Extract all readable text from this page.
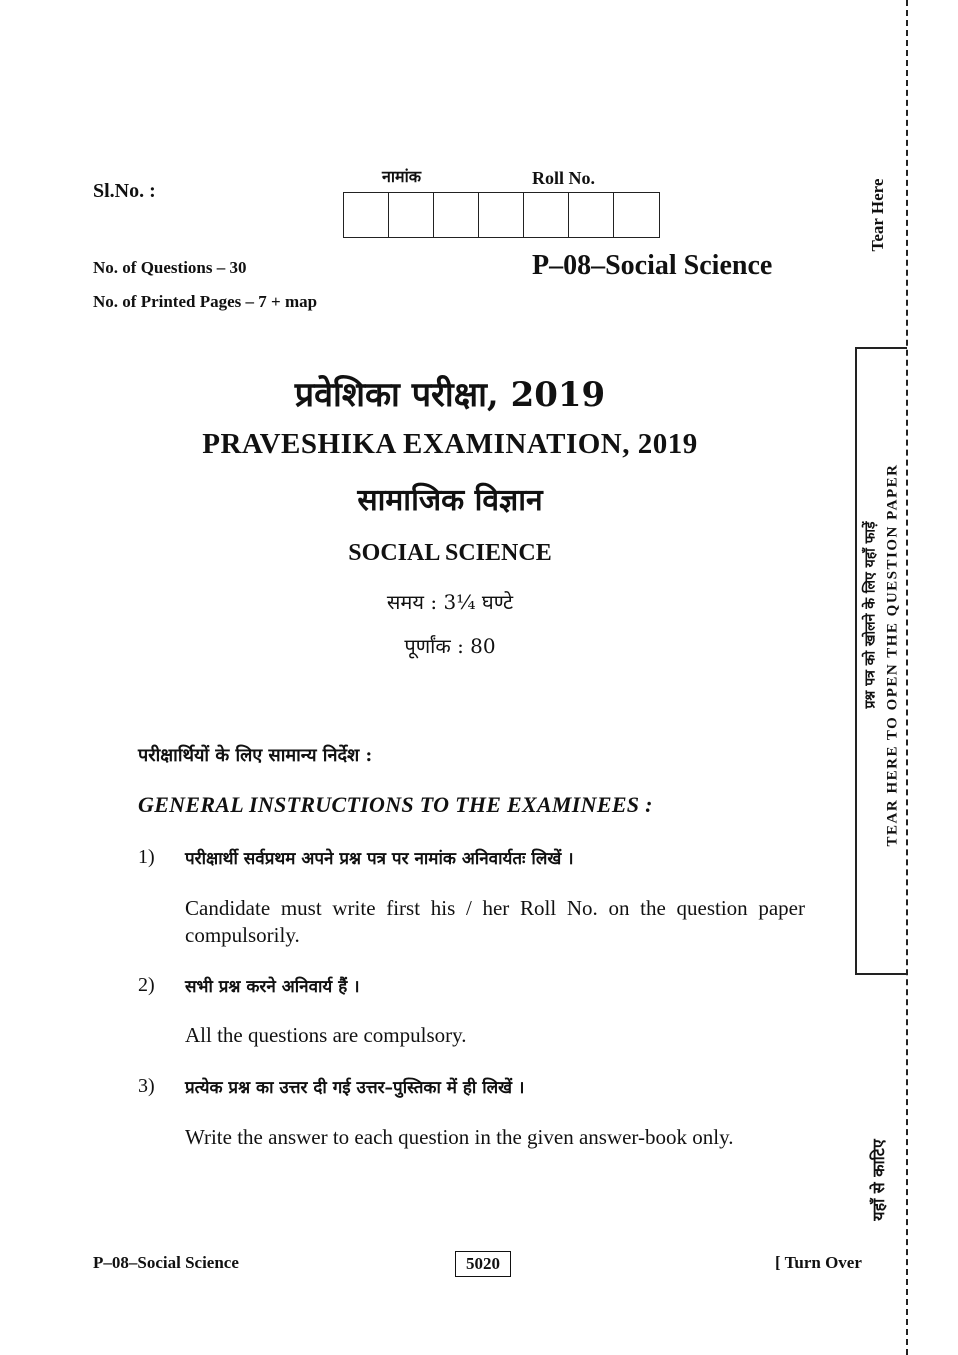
Sl.No. :
नामांक	Roll No.
No. of Questions – 30
No. of Printed Pages – 7 + map
P–08–Social Science
प्रवेशिका परीक्षा, 2019
PRAVESHIKA EXAMINATION, 2019
सामाजिक विज्ञान
SOCIAL SCIENCE
समय : 3¼ घण्टे
पूर्णांक : 80
परीक्षार्थियों के लिए सामान्य निर्देश :
GENERAL INSTRUCTIONS TO THE EXAMINEES :
1) परीक्षार्थी सर्वप्रथम अपने प्रश्न पत्र पर नामांक अनिवार्यतः लिखें ।
Candidate must write first his / her Roll No. on the question paper compulsorily.
2) सभी प्रश्न करने अनिवार्य हैं ।
All the questions are compulsory.
3) प्रत्येक प्रश्न का उत्तर दी गई उत्तर–पुस्तिका में ही लिखें ।
Write the answer to each question in the given answer-book only.
P–08–Social Science	5020	[ Turn Over
Tear Here
प्रश्न पत्र को खोलने के लिए यहाँ फाड़ें TEAR HERE TO OPEN THE QUESTION PAPER
यहाँ से काटिए
